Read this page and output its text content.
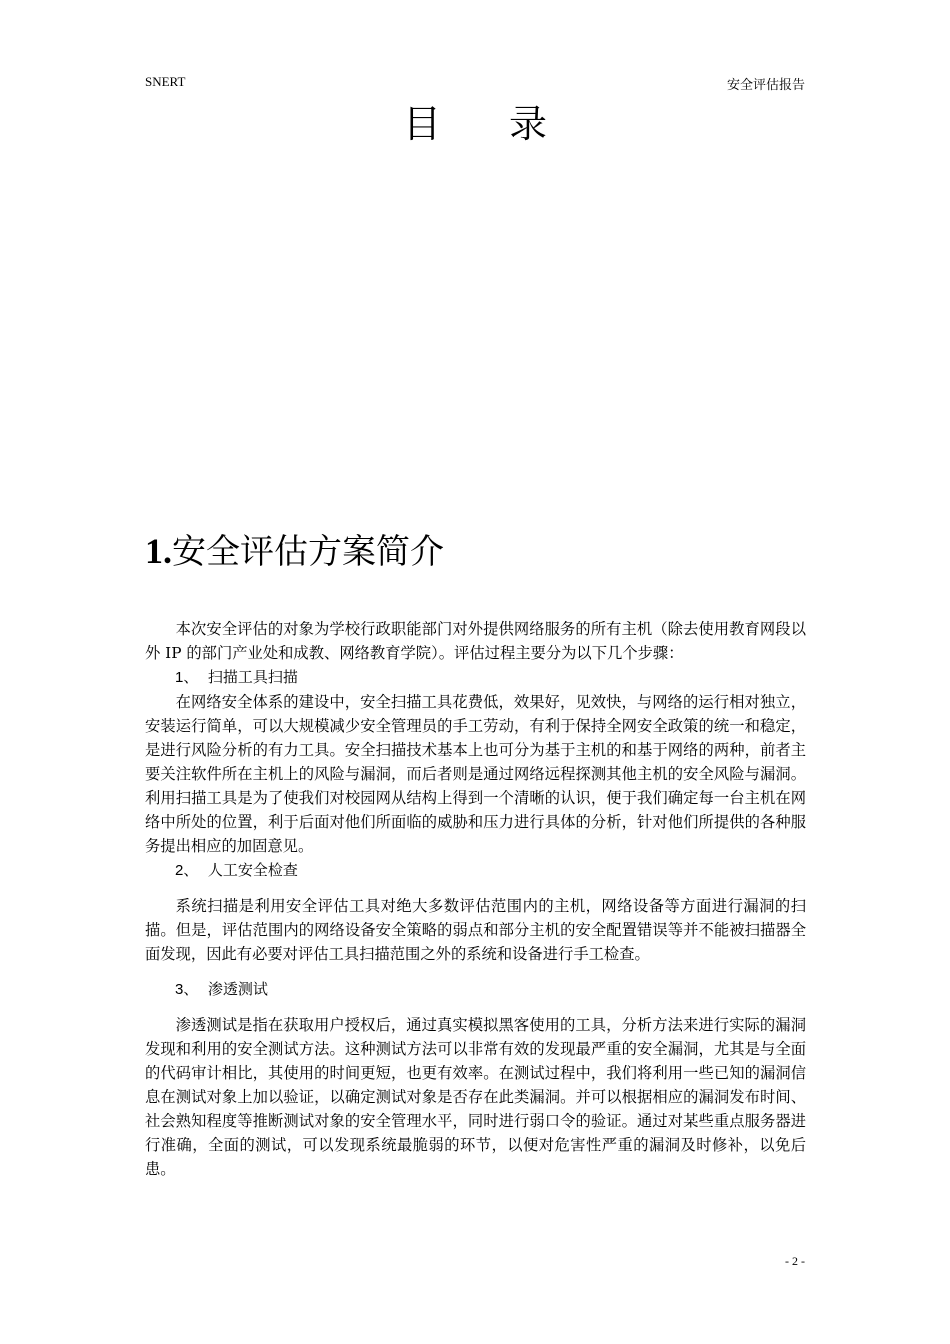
SNERT	安全评估报告
目 录
1.安全评估方案简介

本次安全评估的对象为学校行政职能部门对外提供网络服务的所有主机（除去使用教育网段以外 IP 的部门产业处和成教、网络教育学院）。评估过程主要分为以下几个步骤：

1、 扫描工具扫描

在网络安全体系的建设中，安全扫描工具花费低，效果好，见效快，与网络的运行相对独立，安装运行简单，可以大规模减少安全管理员的手工劳动，有利于保持全网安全政策的统一和稳定，是进行风险分析的有力工具。安全扫描技术基本上也可分为基于主机的和基于网络的两种，前者主要关注软件所在主机上的风险与漏洞，而后者则是通过网络远程探测其他主机的安全风险与漏洞。利用扫描工具是为了使我们对校园网从结构上得到一个清晰的认识，便于我们确定每一台主机在网络中所处的位置，利于后面对他们所面临的威胁和压力进行具体的分析，针对他们所提供的各种服务提出相应的加固意见。

2、 人工安全检查

系统扫描是利用安全评估工具对绝大多数评估范围内的主机，网络设备等方面进行漏洞的扫描。但是，评估范围内的网络设备安全策略的弱点和部分主机的安全配置错误等并不能被扫描器全面发现，因此有必要对评估工具扫描范围之外的系统和设备进行手工检查。

3、 渗透测试

渗透测试是指在获取用户授权后，通过真实模拟黑客使用的工具，分析方法来进行实际的漏洞发现和利用的安全测试方法。这种测试方法可以非常有效的发现最严重的安全漏洞，尤其是与全面的代码审计相比，其使用的时间更短，也更有效率。在测试过程中，我们将利用一些已知的漏洞信息在测试对象上加以验证，以确定测试对象是否存在此类漏洞。并可以根据相应的漏洞发布时间、社会熟知程度等推断测试对象的安全管理水平，同时进行弱口令的验证。通过对某些重点服务器进行准确，全面的测试，可以发现系统最脆弱的环节，以便对危害性严重的漏洞及时修补，以免后患。

- 2 -
